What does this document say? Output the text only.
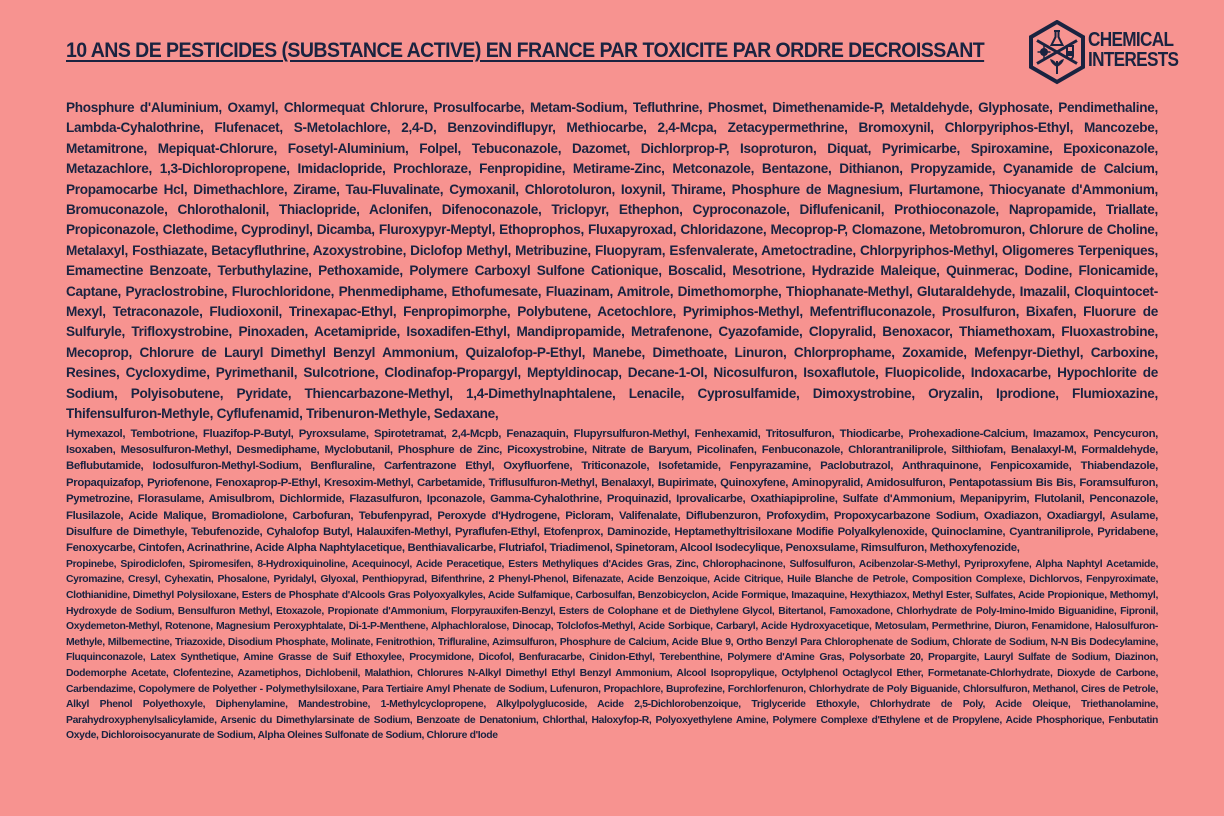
10 ANS DE PESTICIDES (SUBSTANCE ACTIVE) EN FRANCE PAR TOXICITE PAR ORDRE DECROISSANT	CHEMICAL
INTERESTS

Phosphure d'Aluminium, Oxamyl, Chlormequat Chlorure, Prosulfocarbe, Metam-Sodium, Tefluthrine, Phosmet, Dimethenamide-P, Metaldehyde, Glyphosate, Pendimethaline, Lambda-Cyhalothrine, Flufenacet, S-Metolachlore, 2,4-D, Benzovindiflupyr, Methiocarbe, 2,4-Mcpa, Zetacypermethrine, Bromoxynil, Chlorpyriphos-Ethyl, Mancozebe, Metamitrone, Mepiquat-Chlorure, Fosetyl-Aluminium, Folpel, Tebuconazole, Dazomet, Dichlorprop-P, Isoproturon, Diquat, Pyrimicarbe, Spiroxamine, Epoxiconazole, Metazachlore, 1,3-Dichloropropene, Imidaclopride, Prochloraze, Fenpropidine, Metirame-Zinc, Metconazole, Bentazone, Dithianon, Propyzamide, Cyanamide de Calcium, Propamocarbe Hcl, Dimethachlore, Zirame, Tau-Fluvalinate, Cymoxanil, Chlorotoluron, Ioxynil, Thirame, Phosphure de Magnesium, Flurtamone, Thiocyanate d'Ammonium, Bromuconazole, Chlorothalonil, Thiaclopride, Aclonifen, Difenoconazole, Triclopyr, Ethephon, Cyproconazole, Diflufenicanil, Prothioconazole, Napropamide, Triallate, Propiconazole, Clethodime, Cyprodinyl, Dicamba, Fluroxypyr-Meptyl, Ethoprophos, Fluxapyroxad, Chloridazone, Mecoprop-P, Clomazone, Metobromuron, Chlorure de Choline, Metalaxyl, Fosthiazate, Betacyfluthrine, Azoxystrobine, Diclofop Methyl, Metribuzine, Fluopyram, Esfenvalerate, Ametoctradine, Chlorpyriphos-Methyl, Oligomeres Terpeniques, Emamectine Benzoate, Terbuthylazine, Pethoxamide, Polymere Carboxyl Sulfone Cationique, Boscalid, Mesotrione, Hydrazide Maleique, Quinmerac, Dodine, Flonicamide, Captane, Pyraclostrobine, Flurochloridone, Phenmediphame, Ethofumesate, Fluazinam, Amitrole, Dimethomorphe, Thiophanate-Methyl, Glutaraldehyde, Imazalil, Cloquintocet-Mexyl, Tetraconazole, Fludioxonil, Trinexapac-Ethyl, Fenpropimorphe, Polybutene, Acetochlore, Pyrimiphos-Methyl, Mefentrifluconazole, Prosulfuron, Bixafen, Fluorure de Sulfuryle, Trifloxystrobine, Pinoxaden, Acetamipride, Isoxadifen-Ethyl, Mandipropamide, Metrafenone, Cyazofamide, Clopyralid, Benoxacor, Thiamethoxam, Fluoxastrobine, Mecoprop, Chlorure de Lauryl Dimethyl Benzyl Ammonium, Quizalofop-P-Ethyl, Manebe, Dimethoate, Linuron, Chlorprophame, Zoxamide, Mefenpyr-Diethyl, Carboxine, Resines, Cycloxydime, Pyrimethanil, Sulcotrione, Clodinafop-Propargyl, Meptyldinocap, Decane-1-Ol, Nicosulfuron, Isoxaflutole, Fluopicolide, Indoxacarbe, Hypochlorite de Sodium, Polyisobutene, Pyridate, Thiencarbazone-Methyl, 1,4-Dimethylnaphtalene, Lenacile, Cyprosulfamide, Dimoxystrobine, Oryzalin, Iprodione, Flumioxazine, Thifensulfuron-Methyle, Cyflufenamid, Tribenuron-Methyle, Sedaxane,

Hymexazol, Tembotrione, Fluazifop-P-Butyl, Pyroxsulame, Spirotetramat, 2,4-Mcpb, Fenazaquin, Flupyrsulfuron-Methyl, Fenhexamid, Tritosulfuron, Thiodicarbe, Prohexadione-Calcium, Imazamox, Pencycuron, Isoxaben, Mesosulfuron-Methyl, Desmediphame, Myclobutanil, Phosphure de Zinc, Picoxystrobine, Nitrate de Baryum, Picolinafen, Fenbuconazole, Chlorantraniliprole, Silthiofam, Benalaxyl-M, Formaldehyde, Beflubutamide, Iodosulfuron-Methyl-Sodium, Benfluraline, Carfentrazone Ethyl, Oxyfluorfene, Triticonazole, Isofetamide, Fenpyrazamine, Paclobutrazol, Anthraquinone, Fenpicoxamide, Thiabendazole, Propaquizafop, Pyriofenone, Fenoxaprop-P-Ethyl, Kresoxim-Methyl, Carbetamide, Triflusulfuron-Methyl, Benalaxyl, Bupirimate, Quinoxyfene, Aminopyralid, Amidosulfuron, Pentapotassium Bis Bis, Foramsulfuron, Pymetrozine, Florasulame, Amisulbrom, Dichlormide, Flazasulfuron, Ipconazole, Gamma-Cyhalothrine, Proquinazid, Iprovalicarbe, Oxathiapiproline, Sulfate d'Ammonium, Mepanipyrim, Flutolanil, Penconazole, Flusilazole, Acide Malique, Bromadiolone, Carbofuran, Tebufenpyrad, Peroxyde d'Hydrogene, Picloram, Valifenalate, Diflubenzuron, Profoxydim, Propoxycarbazone Sodium, Oxadiazon, Oxadiargyl, Asulame, Disulfure de Dimethyle, Tebufenozide, Cyhalofop Butyl, Halauxifen-Methyl, Pyraflufen-Ethyl, Etofenprox, Daminozide, Heptamethyltrisiloxane Modifie Polyalkylenoxide, Quinoclamine, Cyantraniliprole, Pyridabene, Fenoxycarbe, Cintofen, Acrinathrine, Acide Alpha Naphtylacetique, Benthiavalicarbe, Flutriafol, Triadimenol, Spinetoram, Alcool Isodecylique, Penoxsulame, Rimsulfuron, Methoxyfenozide,

Propinebe, Spirodiclofen, Spiromesifen, 8-Hydroxiquinoline, Acequinocyl, Acide Peracetique, Esters Methyliques d'Acides Gras, Zinc, Chlorophacinone, Sulfosulfuron, Acibenzolar-S-Methyl, Pyriproxyfene, Alpha Naphtyl Acetamide, Cyromazine, Cresyl, Cyhexatin, Phosalone, Pyridalyl, Glyoxal, Penthiopyrad, Bifenthrine, 2 Phenyl-Phenol, Bifenazate, Acide Benzoique, Acide Citrique, Huile Blanche de Petrole, Composition Complexe, Dichlorvos, Fenpyroximate, Clothianidine, Dimethyl Polysiloxane, Esters de Phosphate d'Alcools Gras Polyoxyalkyles, Acide Sulfamique, Carbosulfan, Benzobicyclon, Acide Formique, Imazaquine, Hexythiazox, Methyl Ester, Sulfates, Acide Propionique, Methomyl, Hydroxyde de Sodium, Bensulfuron Methyl, Etoxazole, Propionate d'Ammonium, Florpyrauxifen-Benzyl, Esters de Colophane et de Diethylene Glycol, Bitertanol, Famoxadone, Chlorhydrate de Poly-Imino-Imido Biguanidine, Fipronil, Oxydemeton-Methyl, Rotenone, Magnesium Peroxyphtalate, Di-1-P-Menthene, Alphachloralose, Dinocap, Tolclofos-Methyl, Acide Sorbique, Carbaryl, Acide Hydroxyacetique, Metosulam, Permethrine, Diuron, Fenamidone, Halosulfuron-Methyle, Milbemectine, Triazoxide, Disodium Phosphate, Molinate, Fenitrothion, Trifluraline, Azimsulfuron, Phosphure de Calcium, Acide Blue 9, Ortho Benzyl Para Chlorophenate de Sodium, Chlorate de Sodium, N-N Bis Dodecylamine, Fluquinconazole, Latex Synthetique, Amine Grasse de Suif Ethoxylee, Procymidone, Dicofol, Benfuracarbe, Cinidon-Ethyl, Terebenthine, Polymere d'Amine Gras, Polysorbate 20, Propargite, Lauryl Sulfate de Sodium, Diazinon, Dodemorphe Acetate, Clofentezine, Azametiphos, Dichlobenil, Malathion, Chlorures N-Alkyl Dimethyl Ethyl Benzyl Ammonium, Alcool Isopropylique, Octylphenol Octaglycol Ether, Formetanate-Chlorhydrate, Dioxyde de Carbone, Carbendazime, Copolymere de Polyether - Polymethylsiloxane, Para Tertiaire Amyl Phenate de Sodium, Lufenuron, Propachlore, Buprofezine, Forchlorfenuron, Chlorhydrate de Poly Biguanide, Chlorsulfuron, Methanol, Cires de Petrole, Alkyl Phenol Polyethoxyle, Diphenylamine, Mandestrobine, 1-Methylcyclopropene, Alkylpolyglucoside, Acide 2,5-Dichlorobenzoique, Triglyceride Ethoxyle, Chlorhydrate de Poly, Acide Oleique, Triethanolamine, Parahydroxyphenylsalicylamide, Arsenic du Dimethylarsinate de Sodium, Benzoate de Denatonium, Chlorthal, Haloxyfop-R, Polyoxyethylene Amine, Polymere Complexe d'Ethylene et de Propylene, Acide Phosphorique, Fenbutatin Oxyde, Dichloroisocyanurate de Sodium, Alpha Oleines Sulfonate de Sodium, Chlorure d'Iode
